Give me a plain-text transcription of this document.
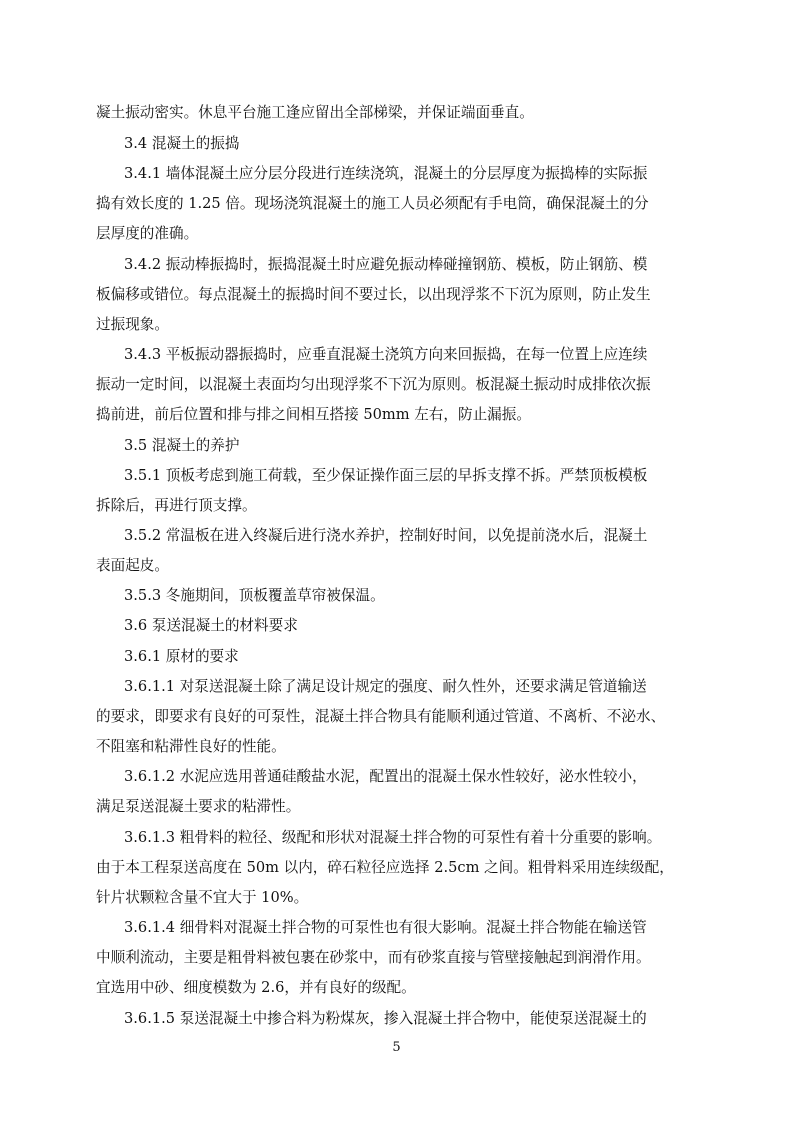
凝土振动密实。休息平台施工逢应留出全部梯梁，并保证端面垂直。
3.4 混凝土的振捣
3.4.1 墙体混凝土应分层分段进行连续浇筑，混凝土的分层厚度为振捣棒的实际振
捣有效长度的 1.25 倍。现场浇筑混凝土的施工人员必须配有手电筒，确保混凝土的分
层厚度的准确。
3.4.2 振动棒振捣时，振捣混凝土时应避免振动棒碰撞钢筋、模板，防止钢筋、模
板偏移或错位。每点混凝土的振捣时间不要过长，以出现浮浆不下沉为原则，防止发生
过振现象。
3.4.3 平板振动器振捣时，应垂直混凝土浇筑方向来回振捣，在每一位置上应连续
振动一定时间，以混凝土表面均匀出现浮浆不下沉为原则。板混凝土振动时成排依次振
捣前进，前后位置和排与排之间相互搭接 50mm 左右，防止漏振。
3.5 混凝土的养护
3.5.1 顶板考虑到施工荷载，至少保证操作面三层的早拆支撑不拆。严禁顶板模板
拆除后，再进行顶支撑。
3.5.2 常温板在进入终凝后进行浇水养护，控制好时间，以免提前浇水后，混凝土
表面起皮。
3.5.3 冬施期间，顶板覆盖草帘被保温。
3.6 泵送混凝土的材料要求
3.6.1 原材的要求
3.6.1.1 对泵送混凝土除了满足设计规定的强度、耐久性外，还要求满足管道输送
的要求，即要求有良好的可泵性，混凝土拌合物具有能顺利通过管道、不离析、不泌水、
不阻塞和粘滞性良好的性能。
3.6.1.2 水泥应选用普通硅酸盐水泥，配置出的混凝土保水性较好，泌水性较小，
满足泵送混凝土要求的粘滞性。
3.6.1.3 粗骨料的粒径、级配和形状对混凝土拌合物的可泵性有着十分重要的影响。
由于本工程泵送高度在 50m 以内，碎石粒径应选择 2.5cm 之间。粗骨料采用连续级配，
针片状颗粒含量不宜大于 10%。
3.6.1.4 细骨料对混凝土拌合物的可泵性也有很大影响。混凝土拌合物能在输送管
中顺利流动，主要是粗骨料被包裹在砂浆中，而有砂浆直接与管壁接触起到润滑作用。
宜选用中砂、细度模数为 2.6，并有良好的级配。
3.6.1.5 泵送混凝土中掺合料为粉煤灰，掺入混凝土拌合物中，能使泵送混凝土的
5
